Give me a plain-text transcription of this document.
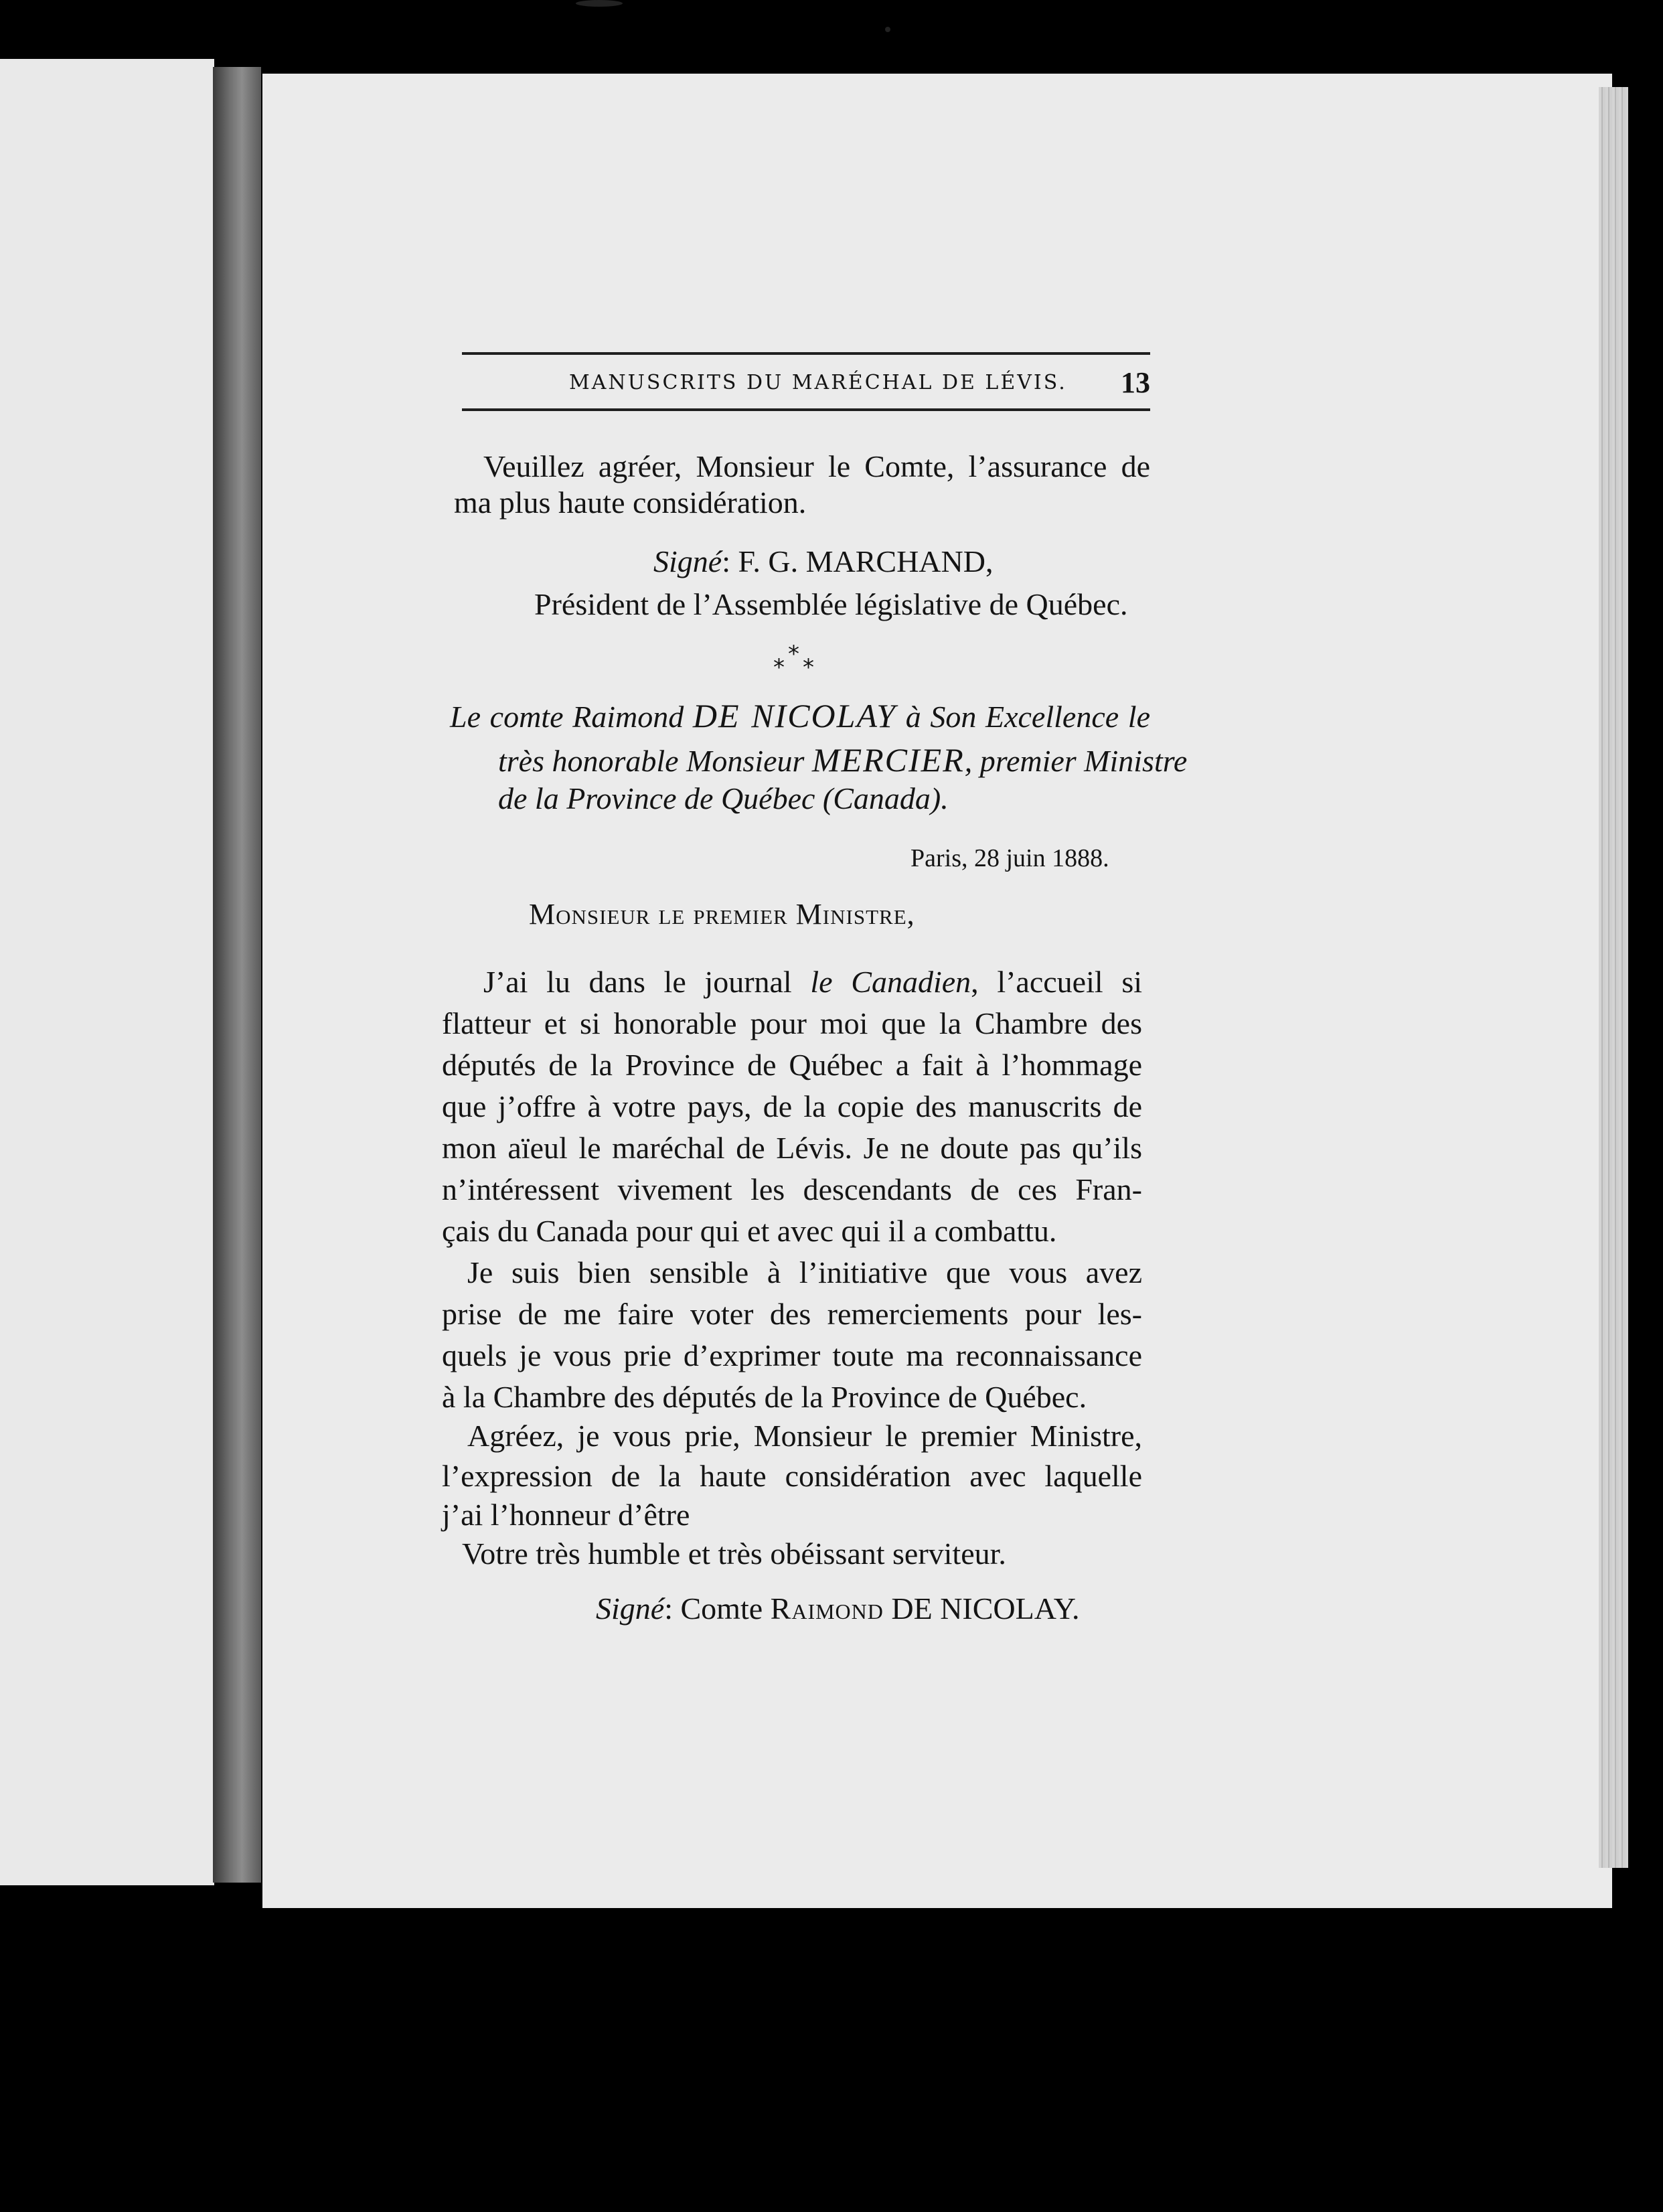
MANUSCRITS DU MARÉCHAL DE LÉVIS. 13
Veuillez agréer, Monsieur le Comte, l’assurance de
ma plus haute considération.
Signé: F. G. MARCHAND,
Président de l’Assemblée législative de Québec.
*
* *
Le comte Raimond DE NICOLAY à Son Excellence le
très honorable Monsieur MERCIER, premier Ministre
de la Province de Québec (Canada).
Paris, 28 juin 1888.
Monsieur le premier Ministre,
J’ai lu dans le journal le Canadien, l’accueil si
flatteur et si honorable pour moi que la Chambre des
députés de la Province de Québec a fait à l’hommage
que j’offre à votre pays, de la copie des manuscrits de
mon aïeul le maréchal de Lévis. Je ne doute pas qu’ils
n’intéressent vivement les descendants de ces Fran-
çais du Canada pour qui et avec qui il a combattu.
Je suis bien sensible à l’initiative que vous avez
prise de me faire voter des remerciements pour les-
quels je vous prie d’exprimer toute ma reconnaissance
à la Chambre des députés de la Province de Québec.
Agréez, je vous prie, Monsieur le premier Ministre,
l’expression de la haute considération avec laquelle
j’ai l’honneur d’être
Votre très humble et très obéissant serviteur.
Signé: Comte Raimond DE NICOLAY.
